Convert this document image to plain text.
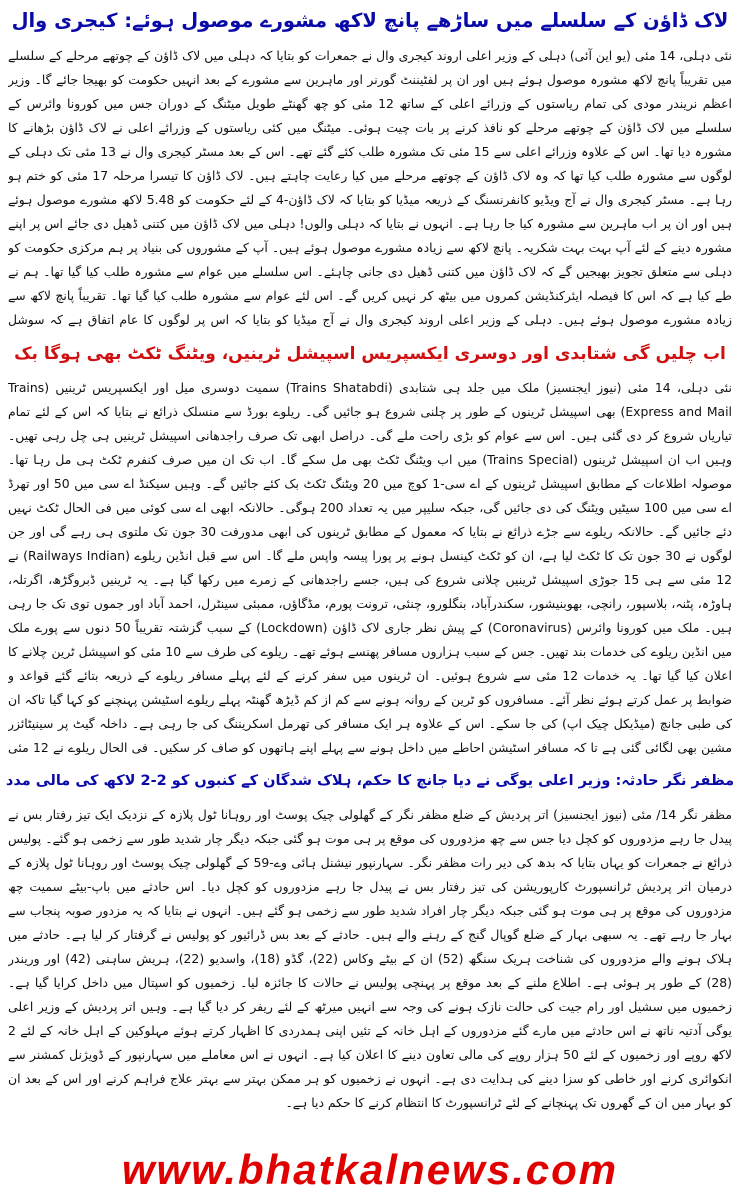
لاک ڈاؤن کے سلسلے میں ساڑھے پانچ لاکھ مشورے موصول ہوئے: کیجری وال

نئی دہلی، 14 مئی (یو این آئی) دہلی کے وزیر اعلی اروند کیجری وال نے جمعرات کو بتایا کہ دہلی میں لاک ڈاؤن کے چوتھے مرحلے کے سلسلے میں تقریباً پانچ لاکھ مشورہ موصول ہوئے ہیں اور ان پر لفٹیننٹ گورنر اور ماہرین سے مشورے کے بعد انہیں حکومت کو بھیجا جائے گا۔ وزیر اعظم نریندر مودی کی تمام ریاستوں کے وزرائے اعلی کے ساتھ 12 مئی کو چھ گھنٹے طویل میٹنگ کے دوران جس میں کورونا وائرس کے سلسلے میں لاک ڈاؤن کے چوتھے مرحلے کو نافذ کرنے پر بات چیت ہوئی۔ میٹنگ میں کئی ریاستوں کے وزرائے اعلی نے لاک ڈاؤن بڑھانے کا مشورہ دیا تھا۔ اس کے علاوہ وزرائے اعلی سے 15 مئی تک مشورہ طلب کئے گئے تھے۔ اس کے بعد مسٹر کیجری وال نے 13 مئی تک دہلی کے لوگوں سے مشورہ طلب کیا تھا کہ وہ لاک ڈاؤن کے چوتھے مرحلے میں کیا رعایت چاہتے ہیں۔ لاک ڈاؤن کا تیسرا مرحلہ 17 مئی کو ختم ہو رہا ہے۔ مسٹر کیجری وال نے آج ویڈیو کانفرنسنگ کے ذریعہ میڈیا کو بتایا کہ لاک ڈاؤن-4 کے لئے حکومت کو 5.48 لاکھ مشورے موصول ہوئے ہیں اور ان پر اب ماہرین سے مشورہ کیا جا رہا ہے۔ انہوں نے بتایا کہ دہلی والوں! دہلی میں لاک ڈاؤن میں کتنی ڈھیل دی جائے اس پر اپنے مشورہ دینے کے لئے آپ بہت بہت شکریہ۔ پانچ لاکھ سے زیادہ مشورے موصول ہوئے ہیں۔ آپ کے مشوروں کی بنیاد پر ہم مرکزی حکومت کو دہلی سے متعلق تجویز بھیجیں گے کہ لاک ڈاؤن میں کتنی ڈھیل دی جانی چاہئے۔ اس سلسلے میں عوام سے مشورہ طلب کیا گیا تھا۔ ہم نے طے کیا ہے کہ اس کا فیصلہ ایئرکنڈیشن کمروں میں بیٹھ کر نہیں کریں گے۔ اس لئے عوام سے مشورہ طلب کیا گیا تھا۔ تقریباً پانچ لاکھ سے زیادہ مشورے موصول ہوئے ہیں۔ دہلی کے وزیر اعلی اروند کیجری وال نے آج میڈیا کو بتایا کہ اس پر لوگوں کا عام اتفاق ہے کہ سوشل

اب چلیں گی شتابدی اور دوسری ایکسپریس اسپیشل ٹرینیں، ویٹنگ ٹکٹ بھی ہوگا بک

نئی دہلی، 14 مئی (نیوز ایجنسیز) ملک میں جلد ہی شتابدی (Trains Shatabdi) سمیت دوسری میل اور ایکسپریس ٹرینیں (Trains Express and Mail) بھی اسپیشل ٹرینوں کے طور پر چلنی شروع ہو جائیں گی۔ ریلوے بورڈ سے منسلک ذرائع نے بتایا کہ اس کے لئے تمام تیاریاں شروع کر دی گئی ہیں۔ اس سے عوام کو بڑی راحت ملے گی۔ دراصل ابھی تک صرف راجدھانی اسپیشل ٹرینیں ہی چل رہی تھیں۔ وہیں اب ان اسپیشل ٹرینوں (Trains Special) میں اب ویٹنگ ٹکٹ بھی مل سکے گا۔ اب تک ان میں صرف کنفرم ٹکٹ ہی مل رہا تھا۔ موصولہ اطلاعات کے مطابق اسپیشل ٹرینوں کے اے سی-1 کوچ میں 20 ویٹنگ ٹکٹ بک کئے جائیں گے۔ وہیں سیکنڈ اے سی میں 50 اور تھرڈ اے سی میں 100 سیٹیں ویٹنگ کی دی جائیں گی، جبکہ سلیپر میں یہ تعداد 200 ہوگی۔ حالانکہ ابھی اے سی کوئی میں فی الحال ٹکٹ نہیں دئے جائیں گے۔ حالانکہ ریلوے سے جڑے ذرائع نے بتایا کہ معمول کے مطابق ٹرینوں کی ابھی مدورفت 30 جون تک ملتوی ہی رہے گی اور جن لوگوں نے 30 جون تک کا ٹکٹ لیا ہے، ان کو ٹکٹ کینسل ہونے پر پورا پیسہ واپس ملے گا۔ اس سے قبل انڈین ریلوے (Railways Indian) نے 12 مئی سے ہی 15 جوڑی اسپیشل ٹرینیں چلانی شروع کی ہیں، جسے راجدھانی کے زمرے میں رکھا گیا ہے۔ یہ ٹرینیں ڈبروگڑھ، اگرتلہ، ہاوڑہ، پٹنہ، بلاسپور، رانچی، بھوبنیشور، سکندرآباد، بنگلورو، چنئی، ترونت پورم، مڈگاؤں، ممبئی سینٹرل، احمد آباد اور جموں توی تک جا رہی ہیں۔ ملک میں کورونا وائرس (Coronavirus) کے پیش نظر جاری لاک ڈاؤن (Lockdown) کے سبب گزشتہ تقریباً 50 دنوں سے پورے ملک میں انڈین ریلوے کی خدمات بند تھیں۔ جس کے سبب ہزاروں مسافر پھنسے ہوئے تھے۔ ریلوے کی طرف سے 10 مئی کو اسپیشل ٹرین چلانے کا اعلان کیا گیا تھا۔ یہ خدمات 12 مئی سے شروع ہوئیں۔ ان ٹرینوں میں سفر کرنے کے لئے پہلے مسافر ریلوے کے ذریعہ بتائے گئے قواعد و ضوابط پر عمل کرتے ہوئے نظر آئے۔ مسافروں کو ٹرین کے روانہ ہونے سے کم از کم ڈیڑھ گھنٹہ پہلے ریلوے اسٹیشن پہنچنے کو کہا گیا تاکہ ان کی طبی جانچ (میڈیکل چیک اپ) کی جا سکے۔ اس کے علاوہ ہر ایک مسافر کی تھرمل اسکریننگ کی جا رہی ہے۔ داخلہ گیٹ پر سینیٹائزر مشین بھی لگائی گئی ہے تا کہ مسافر اسٹیشن احاطے میں داخل ہونے سے پہلے اپنے ہاتھوں کو صاف کر سکیں۔ فی الحال ریلوے نے 12 مئی

مظفر نگر حادثہ: وزیر اعلی یوگی نے دیا جانچ کا حکم، ہلاک شدگان کے کنبوں کو 2-2 لاکھ کی مالی مدد

مظفر نگر 14/ مئی (نیوز ایجنسیز) اتر پردیش کے ضلع مظفر نگر کے گھلولی چیک پوسٹ اور روہانا ٹول پلازہ کے نزدیک ایک تیز رفتار بس نے پیدل جا رہے مزدوروں کو کچل دیا جس سے چھ مزدوروں کی موقع پر ہی موت ہو گئی جبکہ دیگر چار شدید طور سے زخمی ہو گئے۔ پولیس ذرائع نے جمعرات کو یہاں بتایا کہ بدھ کی دیر رات مظفر نگر۔ سہارنپور نیشنل ہائی وے-59 کے گھلولی چیک پوسٹ اور روہانا ٹول پلازہ کے درمیان اتر پردیش ٹرانسپورٹ کارپوریشن کی تیز رفتار بس نے پیدل جا رہے مزدوروں کو کچل دیا۔ اس حادثے میں باپ-بیٹے سمیت چھ مزدوروں کی موقع پر ہی موت ہو گئی جبکہ دیگر چار افراد شدید طور سے زخمی ہو گئے ہیں۔ انہوں نے بتایا کہ یہ مزدور صوبہ پنجاب سے بہار جا رہے تھے۔ یہ سبھی بہار کے ضلع گوپال گنج کے رہنے والے ہیں۔ حادثے کے بعد بس ڈرائیور کو پولیس نے گرفتار کر لیا ہے۔ حادثے میں ہلاک ہونے والے مزدوروں کی شناخت ہریک سنگھ (52) ان کے بیٹے وکاس (22)، گڈو (18)، واسدیو (22)، ہریش ساہنی (42) اور وریندر (28) کے طور پر ہوئی ہے۔ اطلاع ملنے کے بعد موقع پر پہنچی پولیس نے حالات کا جائزہ لیا۔ زخمیوں کو اسپتال میں داخل کرایا گیا ہے۔ زخمیوں میں سشیل اور رام جیت کی حالت نازک ہونے کی وجہ سے انہیں میرٹھ کے لئے ریفر کر دیا گیا ہے۔ وہیں اتر پردیش کے وزیر اعلی یوگی آدتیہ ناتھ نے اس حادثے میں مارے گئے مزدوروں کے اہل خانہ کے تئیں اپنی ہمدردی کا اظہار کرتے ہوئے مہلوکین کے اہل خانہ کے لئے 2 لاکھ روپے اور زخمیوں کے لئے 50 ہزار روپے کی مالی تعاون دینے کا اعلان کیا ہے۔ انہوں نے اس معاملے میں سہارنپور کے ڈویژنل کمشنر سے انکوائری کرنے اور خاطی کو سزا دینے کی ہدایت دی ہے۔ انہوں نے زخمیوں کو ہر ممکن بہتر سے بہتر علاج فراہم کرنے اور اس کے بعد ان کو بہار میں ان کے گھروں تک پہنچانے کے لئے ٹرانسپورٹ کا انتظام کرنے کا حکم دیا ہے۔

www.bhatkalnews.com
